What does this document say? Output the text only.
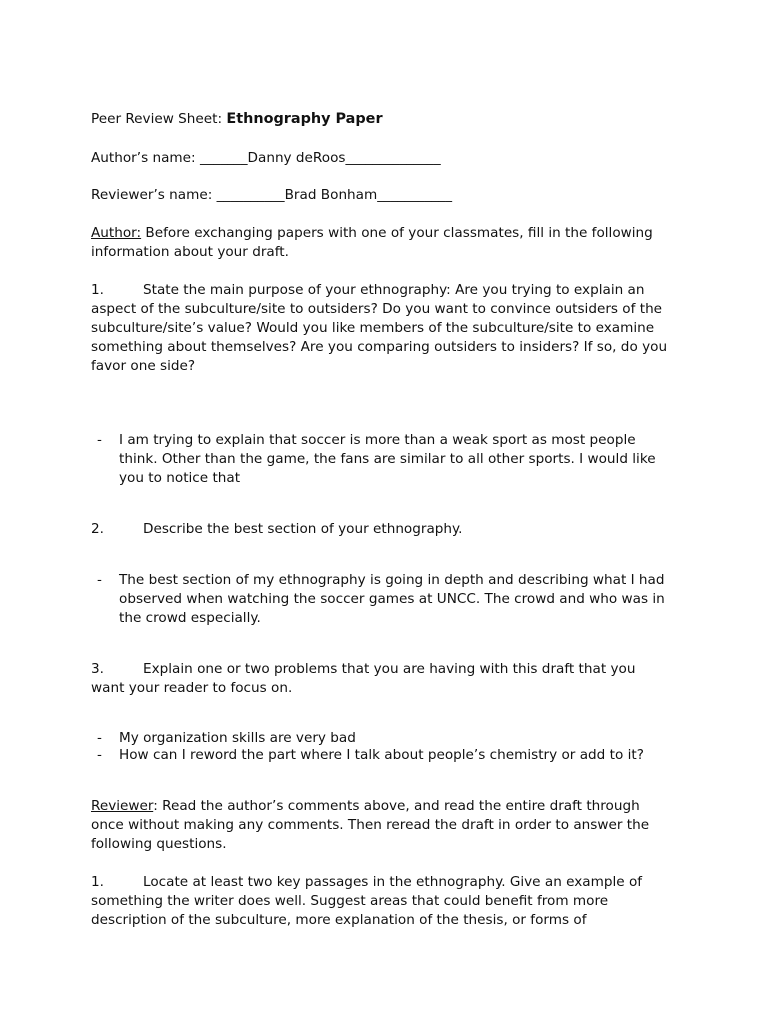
Peer Review Sheet: Ethnography Paper
Author’s name: _______Danny deRoos______________
Reviewer’s name: __________Brad Bonham___________
Author: Before exchanging papers with one of your classmates, fill in the following
information about your draft.
1.	State the main purpose of your ethnography: Are you trying to explain an
aspect of the subculture/site to outsiders? Do you want to convince outsiders of the
subculture/site’s value? Would you like members of the subculture/site to examine
something about themselves? Are you comparing outsiders to insiders? If so, do you
favor one side?
- I am trying to explain that soccer is more than a weak sport as most people
think. Other than the game, the fans are similar to all other sports. I would like
you to notice that
2.	Describe the best section of your ethnography.
- The best section of my ethnography is going in depth and describing what I had
observed when watching the soccer games at UNCC. The crowd and who was in
the crowd especially.
3.	Explain one or two problems that you are having with this draft that you
want your reader to focus on.
- My organization skills are very bad
- How can I reword the part where I talk about people’s chemistry or add to it?
Reviewer: Read the author’s comments above, and read the entire draft through
once without making any comments. Then reread the draft in order to answer the
following questions.
1.	Locate at least two key passages in the ethnography. Give an example of
something the writer does well. Suggest areas that could benefit from more
description of the subculture, more explanation of the thesis, or forms of
